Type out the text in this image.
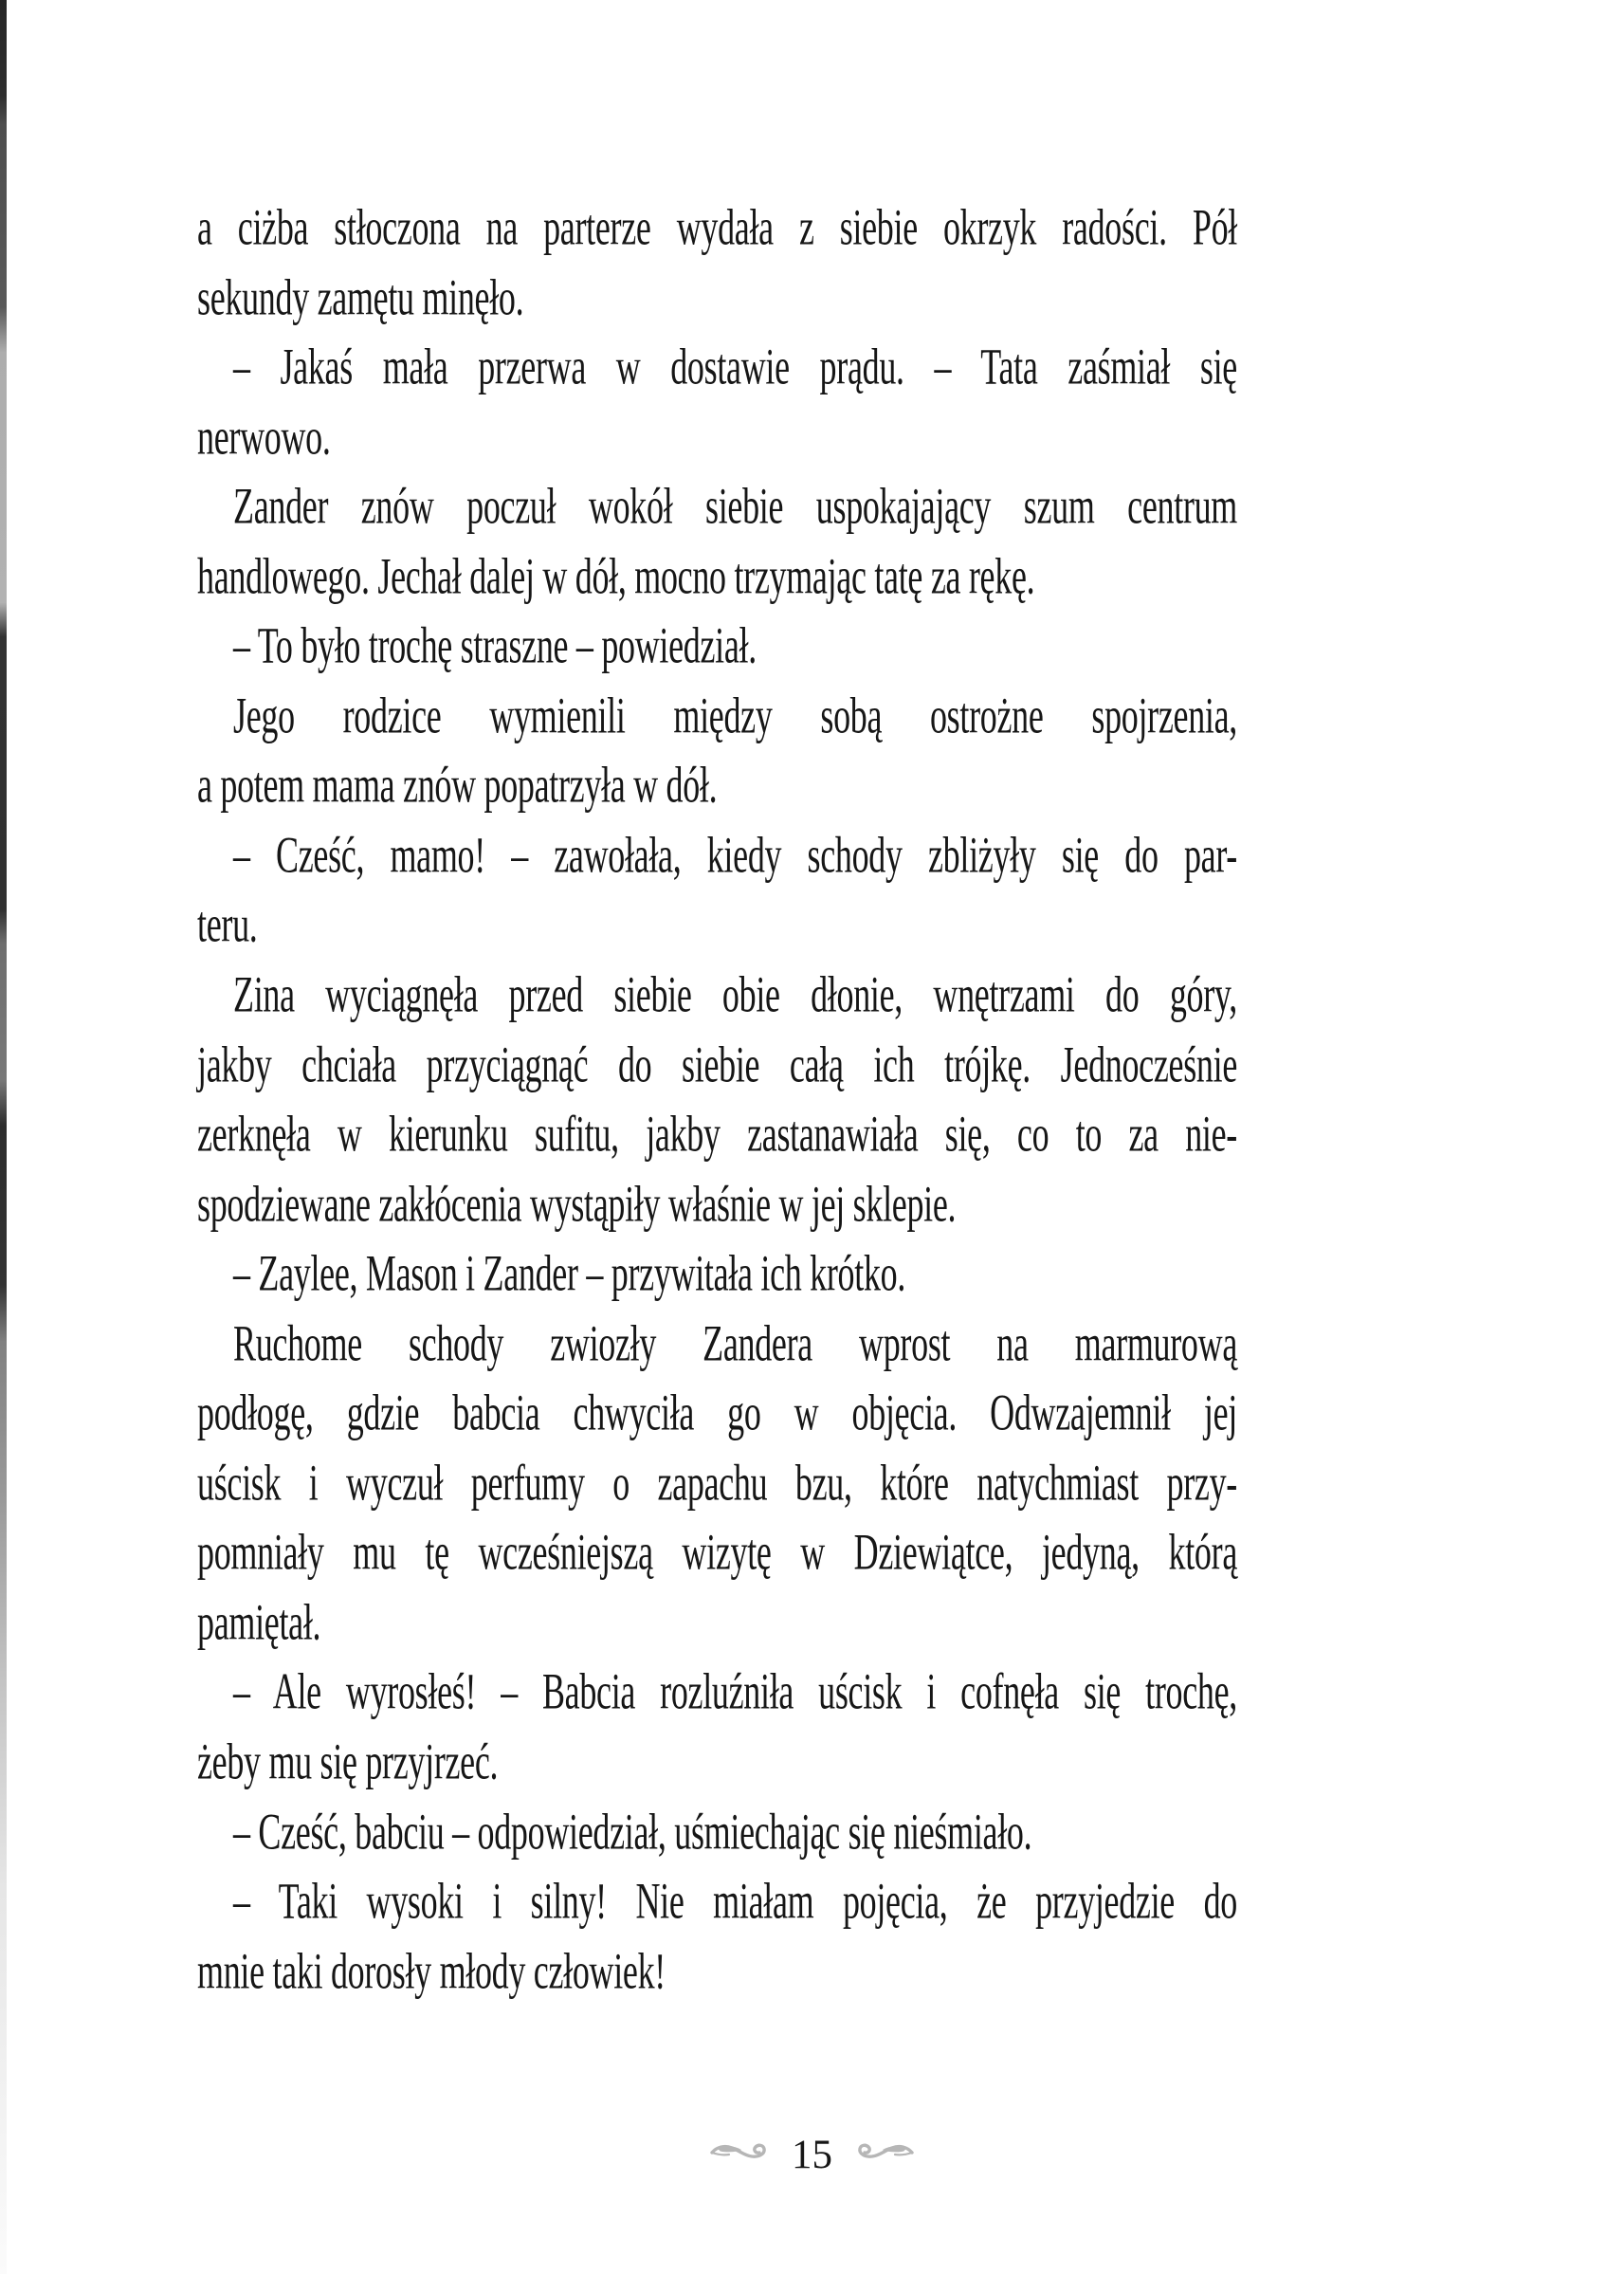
a ciżba stłoczona na parterze wydała z siebie okrzyk radości. Pół
sekundy zamętu minęło.
– Jakaś mała przerwa w dostawie prądu. – Tata zaśmiał się
nerwowo.
Zander znów poczuł wokół siebie uspokajający szum centrum
handlowego. Jechał dalej w dół, mocno trzymając tatę za rękę.
– To było trochę straszne – powiedział.
Jego rodzice wymienili między sobą ostrożne spojrzenia,
a potem mama znów popatrzyła w dół.
– Cześć, mamo! – zawołała, kiedy schody zbliżyły się do par-
teru.
Zina wyciągnęła przed siebie obie dłonie, wnętrzami do góry,
jakby chciała przyciągnąć do siebie całą ich trójkę. Jednocześnie
zerknęła w kierunku sufitu, jakby zastanawiała się, co to za nie-
spodziewane zakłócenia wystąpiły właśnie w jej sklepie.
– Zaylee, Mason i Zander – przywitała ich krótko.
Ruchome schody zwiozły Zandera wprost na marmurową
podłogę, gdzie babcia chwyciła go w objęcia. Odwzajemnił jej
uścisk i wyczuł perfumy o zapachu bzu, które natychmiast przy-
pomniały mu tę wcześniejszą wizytę w Dziewiątce, jedyną, którą
pamiętał.
– Ale wyrosłeś! – Babcia rozluźniła uścisk i cofnęła się trochę,
żeby mu się przyjrzeć.
– Cześć, babciu – odpowiedział, uśmiechając się nieśmiało.
– Taki wysoki i silny! Nie miałam pojęcia, że przyjedzie do
mnie taki dorosły młody człowiek!
15
